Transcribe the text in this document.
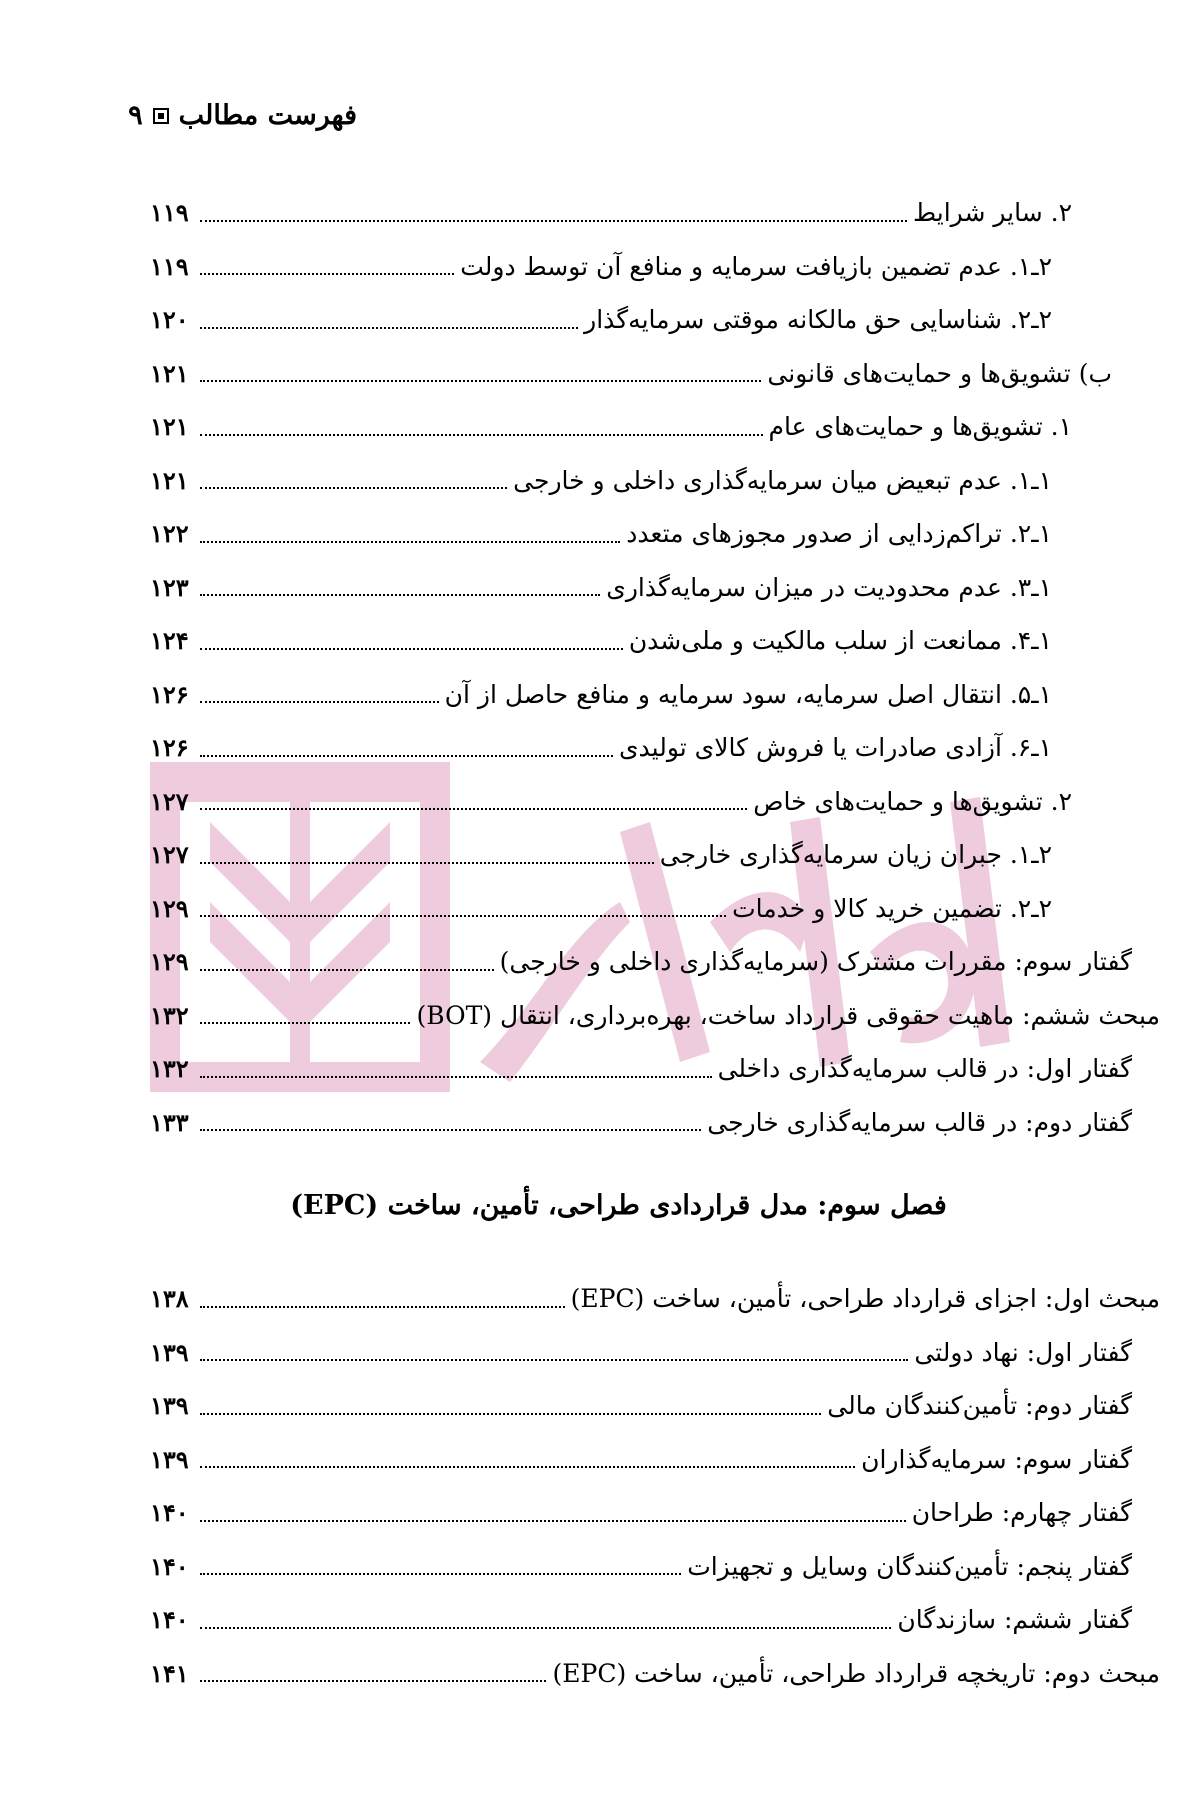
فهرست مطالب
۹
۲. سایر شرایط
۱۱۹
۲ـ۱. عدم تضمین بازیافت سرمایه و منافع آن توسط دولت
۱۱۹
۲ـ۲. شناسایی حق مالکانه موقتی سرمایه‌گذار
۱۲۰
ب) تشویق‌ها و حمایت‌های قانونی
۱۲۱
۱. تشویق‌ها و حمایت‌های عام
۱۲۱
۱ـ۱. عدم تبعیض میان سرمایه‌گذاری داخلی و خارجی
۱۲۱
۱ـ۲. تراکم‌زدایی از صدور مجوزهای متعدد
۱۲۲
۱ـ۳. عدم محدودیت در میزان سرمایه‌گذاری
۱۲۳
۱ـ۴. ممانعت از سلب مالکیت و ملی‌شدن
۱۲۴
۱ـ۵. انتقال اصل سرمایه، سود سرمایه و منافع حاصل از آن
۱۲۶
۱ـ۶. آزادی صادرات یا فروش کالای تولیدی
۱۲۶
۲. تشویق‌ها و حمایت‌های خاص
۱۲۷
۲ـ۱. جبران زیان سرمایه‌گذاری خارجی
۱۲۷
۲ـ۲. تضمین خرید کالا و خدمات
۱۲۹
گفتار سوم: مقررات مشترک (سرمایه‌گذاری داخلی و خارجی)
۱۲۹
مبحث ششم: ماهیت حقوقی قرارداد ساخت، بهره‌برداری، انتقال (BOT)
۱۳۲
گفتار اول: در قالب سرمایه‌گذاری داخلی
۱۳۲
گفتار دوم: در قالب سرمایه‌گذاری خارجی
۱۳۳
فصل سوم: مدل قراردادی طراحی، تأمین، ساخت (EPC)
مبحث اول: اجزای قرارداد طراحی، تأمین، ساخت (EPC)
۱۳۸
گفتار اول: نهاد دولتی
۱۳۹
گفتار دوم: تأمین‌کنندگان مالی
۱۳۹
گفتار سوم: سرمایه‌گذاران
۱۳۹
گفتار چهارم: طراحان
۱۴۰
گفتار پنجم: تأمین‌کنندگان وسایل و تجهیزات
۱۴۰
گفتار ششم: سازندگان
۱۴۰
مبحث دوم: تاریخچه قرارداد طراحی، تأمین، ساخت (EPC)
۱۴۱
